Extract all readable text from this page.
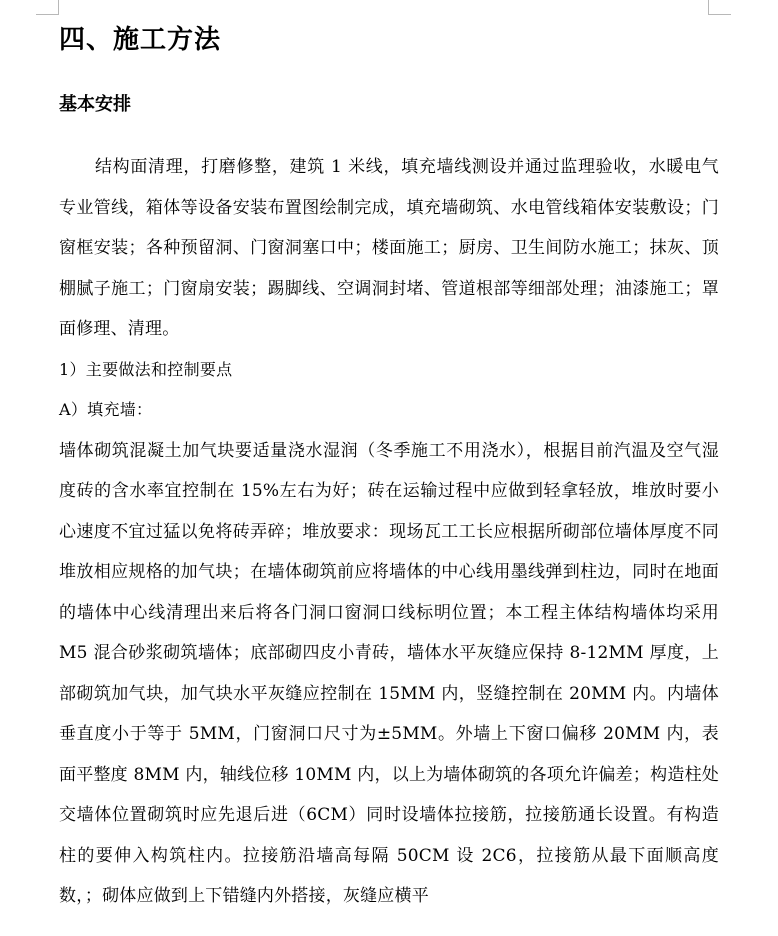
四、施工方法
基本安排

结构面清理，打磨修整，建筑 1 米线，填充墙线测设并通过监理验收，水暖电气专业管线，箱体等设备安装布置图绘制完成，填充墙砌筑、水电管线箱体安装敷设；门窗框安装；各种预留洞、门窗洞塞口中；楼面施工；厨房、卫生间防水施工；抹灰、顶棚腻子施工；门窗扇安装；踢脚线、空调洞封堵、管道根部等细部处理；油漆施工；罩面修理、清理。

1）主要做法和控制要点

A）填充墙：

墙体砌筑混凝土加气块要适量浇水湿润（冬季施工不用浇水），根据目前汽温及空气湿度砖的含水率宜控制在 15%左右为好；砖在运输过程中应做到轻拿轻放，堆放时要小心速度不宜过猛以免将砖弄碎；堆放要求：现场瓦工工长应根据所砌部位墙体厚度不同堆放相应规格的加气块；在墙体砌筑前应将墙体的中心线用墨线弹到柱边，同时在地面的墙体中心线清理出来后将各门洞口窗洞口线标明位置；本工程主体结构墙体均采用 M5 混合砂浆砌筑墙体；底部砌四皮小青砖，墙体水平灰缝应保持 8-12MM 厚度，上部砌筑加气块，加气块水平灰缝应控制在 15MM 内，竖缝控制在 20MM 内。内墙体垂直度小于等于 5MM，门窗洞口尺寸为±5MM。外墙上下窗口偏移 20MM 内，表面平整度 8MM 内，轴线位移 10MM 内，以上为墙体砌筑的各项允许偏差；构造柱处交墙体位置砌筑时应先退后进（6CM）同时设墙体拉接筋，拉接筋通长设置。有构造柱的要伸入构筑柱内。拉接筋沿墙高每隔 50CM 设 2C6，拉接筋从最下面顺高度数，；砌体应做到上下错缝内外搭接，灰缝应横平
